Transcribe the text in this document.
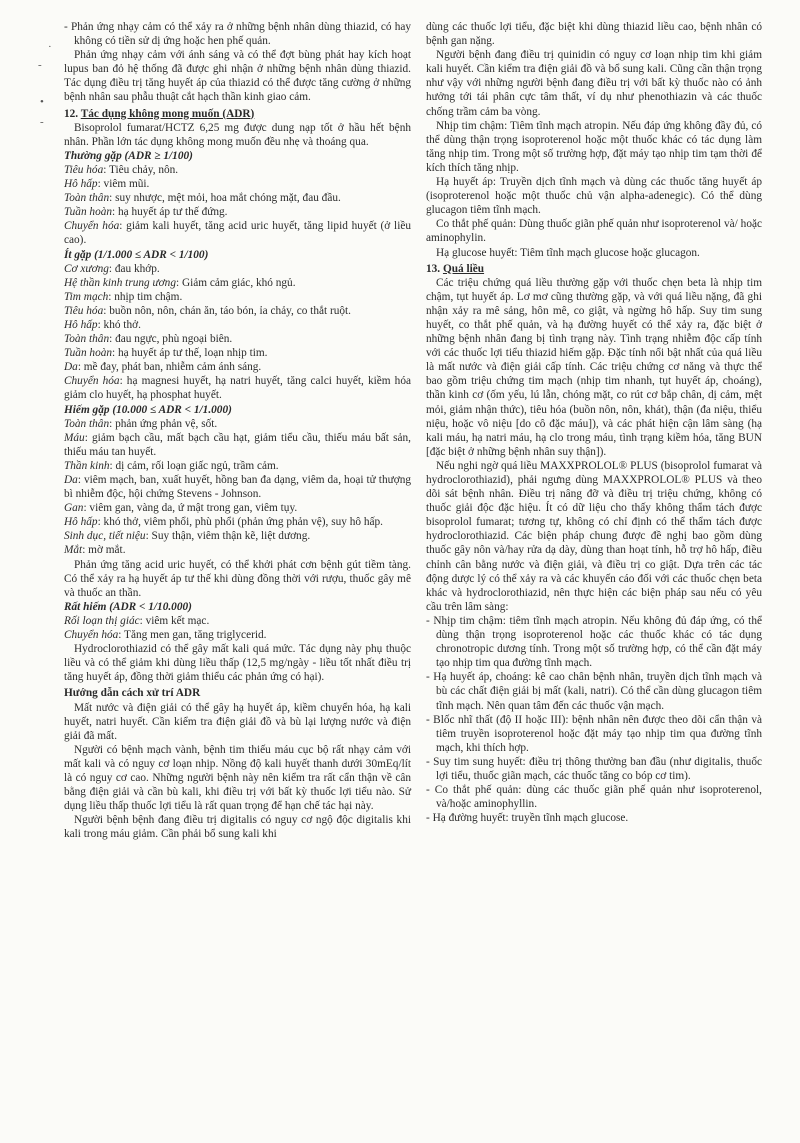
- Phản ứng nhạy cảm có thể xảy ra ở những bệnh nhân dùng thiazid, có hay không có tiền sử dị ứng hoặc hen phế quản.

Phản ứng nhạy cảm với ánh sáng và có thể đợt bùng phát hay kích hoạt lupus ban đỏ hệ thống đã được ghi nhận ở những bệnh nhân dùng thiazid. Tác dụng điều trị tăng huyết áp của thiazid có thể được tăng cường ở những bệnh nhân sau phẫu thuật cắt hạch thần kinh giao cảm.

12. Tác dụng không mong muốn (ADR)

Bisoprolol fumarat/HCTZ 6,25 mg được dung nạp tốt ở hầu hết bệnh nhân. Phần lớn tác dụng không mong muốn đều nhẹ và thoáng qua.

Thường gặp (ADR ≥ 1/100)

Tiêu hóa: Tiêu chảy, nôn.

Hô hấp: viêm mũi.

Toàn thân: suy nhược, mệt mỏi, hoa mắt chóng mặt, đau đầu.

Tuần hoàn: hạ huyết áp tư thế đứng.

Chuyển hóa: giảm kali huyết, tăng acid uric huyết, tăng lipid huyết (ở liều cao).

Ít gặp (1/1.000 ≤ ADR < 1/100)

Cơ xương: đau khớp.

Hệ thần kinh trung ương: Giảm cảm giác, khó ngủ.

Tim mạch: nhịp tim chậm.

Tiêu hóa: buồn nôn, nôn, chán ăn, táo bón, ỉa chảy, co thắt ruột.

Hô hấp: khó thở.

Toàn thân: đau ngực, phù ngoại biên.

Tuần hoàn: hạ huyết áp tư thế, loạn nhịp tim.

Da: mề đay, phát ban, nhiễm cảm ánh sáng.

Chuyển hóa: hạ magnesi huyết, hạ natri huyết, tăng calci huyết, kiềm hóa giảm clo huyết, hạ phosphat huyết.

Hiếm gặp (10.000 ≤ ADR < 1/1.000)

Toàn thân: phản ứng phản vệ, sốt.

Máu: giảm bạch cầu, mất bạch cầu hạt, giảm tiểu cầu, thiếu máu bất sản, thiếu máu tan huyết.

Thần kinh: dị cảm, rối loạn giấc ngủ, trầm cảm.

Da: viêm mạch, ban, xuất huyết, hồng ban đa dạng, viêm da, hoại tử thượng bì nhiễm độc, hội chứng Stevens - Johnson.

Gan: viêm gan, vàng da, ứ mật trong gan, viêm tụy.

Hô hấp: khó thở, viêm phổi, phù phổi (phản ứng phản vệ), suy hô hấp.

Sinh dục, tiết niệu: Suy thận, viêm thận kẽ, liệt dương.

Mắt: mờ mắt.

Phản ứng tăng acid uric huyết, có thể khởi phát cơn bệnh gút tiềm tàng. Có thể xảy ra hạ huyết áp tư thế khi dùng đồng thời với rượu, thuốc gây mê và thuốc an thần.

Rất hiếm (ADR < 1/10.000)

Rối loạn thị giác: viêm kết mạc.

Chuyển hóa: Tăng men gan, tăng triglycerid.

Hydroclorothiazid có thể gây mất kali quá mức. Tác dụng này phụ thuộc liều và có thể giảm khi dùng liều thấp (12,5 mg/ngày - liều tốt nhất điều trị tăng huyết áp, đồng thời giảm thiểu các phản ứng có hại).

Hướng dẫn cách xử trí ADR

Mất nước và điện giải có thể gây hạ huyết áp, kiềm chuyển hóa, hạ kali huyết, natri huyết. Cần kiểm tra điện giải đồ và bù lại lượng nước và điện giải đã mất.

Người có bệnh mạch vành, bệnh tim thiếu máu cục bộ rất nhạy cảm với mất kali và có nguy cơ loạn nhịp. Nồng độ kali huyết thanh dưới 30mEq/lít là có nguy cơ cao. Những người bệnh này nên kiểm tra rất cẩn thận về cân bằng điện giải và cần bù kali, khi điều trị với bất kỳ thuốc lợi tiểu nào. Sử dụng liều thấp thuốc lợi tiểu là rất quan trọng để hạn chế tác hại này.

Người bệnh bệnh đang điều trị digitalis có nguy cơ ngộ độc digitalis khi kali trong máu giảm. Cần phải bổ sung kali khi

dùng các thuốc lợi tiểu, đặc biệt khi dùng thiazid liều cao, bệnh nhân có bệnh gan nặng.

Người bệnh đang điều trị quinidin có nguy cơ loạn nhịp tim khi giảm kali huyết. Cần kiểm tra điện giải đồ và bổ sung kali. Cũng cần thận trọng như vậy với những người bệnh đang điều trị với bất kỳ thuốc nào có ảnh hưởng tới tái phân cực tâm thất, ví dụ như phenothiazin và các thuốc chống trầm cảm ba vòng.

Nhịp tim chậm: Tiêm tĩnh mạch atropin. Nếu đáp ứng không đầy đủ, có thể dùng thận trọng isoproterenol hoặc một thuốc khác có tác dụng làm tăng nhịp tim. Trong một số trường hợp, đặt máy tạo nhịp tim tạm thời để kích thích tăng nhịp.

Hạ huyết áp: Truyền dịch tĩnh mạch và dùng các thuốc tăng huyết áp (isoproterenol hoặc một thuốc chủ vận alpha-adenegic). Có thể dùng glucagon tiêm tĩnh mạch.

Co thắt phế quản: Dùng thuốc giãn phế quản như isoproterenol và/ hoặc aminophylin.

Hạ glucose huyết: Tiêm tĩnh mạch glucose hoặc glucagon.

13. Quá liều

Các triệu chứng quá liều thường gặp với thuốc chẹn beta là nhịp tim chậm, tụt huyết áp. Lơ mơ cũng thường gặp, và với quá liều nặng, đã ghi nhận xảy ra mê sảng, hôn mê, co giật, và ngừng hô hấp. Suy tim sung huyết, co thắt phế quản, và hạ đường huyết có thể xảy ra, đặc biệt ở những bệnh nhân đang bị tình trạng này. Tình trạng nhiễm độc cấp tính với các thuốc lợi tiểu thiazid hiếm gặp. Đặc tính nổi bật nhất của quá liều là mất nước và điện giải cấp tính. Các triệu chứng cơ năng và thực thể bao gồm triệu chứng tim mạch (nhịp tim nhanh, tụt huyết áp, choáng), thần kinh cơ (ốm yếu, lú lẫn, chóng mặt, co rút cơ bắp chân, dị cảm, mệt mỏi, giảm nhận thức), tiêu hóa (buồn nôn, nôn, khát), thận (đa niệu, thiểu niệu, hoặc vô niệu [do cô đặc máu]), và các phát hiện cận lâm sàng (hạ kali máu, hạ natri máu, hạ clo trong máu, tình trạng kiềm hóa, tăng BUN [đặc biệt ở những bệnh nhân suy thận]).

Nếu nghi ngờ quá liều MAXXPROLOL® PLUS (bisoprolol fumarat và hydroclorothiazid), phải ngưng dùng MAXXPROLOL® PLUS và theo dõi sát bệnh nhân. Điều trị nâng đỡ và điều trị triệu chứng, không có thuốc giải độc đặc hiệu. Ít có dữ liệu cho thấy không thẩm tách được bisoprolol fumarat; tương tự, không có chỉ định có thể thẩm tách được hydroclorothiazid. Các biện pháp chung được đề nghị bao gồm dùng thuốc gây nôn và/hay rửa dạ dày, dùng than hoạt tính, hỗ trợ hô hấp, điều chỉnh cân bằng nước và điện giải, và điều trị co giật. Dựa trên các tác động dược lý có thể xảy ra và các khuyến cáo đối với các thuốc chẹn beta khác và hydroclorothiazid, nên thực hiện các biện pháp sau nếu có yêu cầu trên lâm sàng:

- Nhịp tim chậm: tiêm tĩnh mạch atropin. Nếu không đủ đáp ứng, có thể dùng thận trọng isoproterenol hoặc các thuốc khác có tác dụng chronotropic dương tính. Trong một số trường hợp, có thể cần đặt máy tạo nhịp tim qua đường tĩnh mạch.

- Hạ huyết áp, choáng: kê cao chân bệnh nhân, truyền dịch tĩnh mạch và bù các chất điện giải bị mất (kali, natri). Có thể cần dùng glucagon tiêm tĩnh mạch. Nên quan tâm đến các thuốc vận mạch.

- Blốc nhĩ thất (độ II hoặc III): bệnh nhân nên được theo dõi cẩn thận và tiêm truyền isoproterenol hoặc đặt máy tạo nhịp tim qua đường tĩnh mạch, khi thích hợp.

- Suy tim sung huyết: điều trị thông thường ban đầu (như digitalis, thuốc lợi tiểu, thuốc giãn mạch, các thuốc tăng co bóp cơ tim).

- Co thắt phế quản: dùng các thuốc giãn phế quản như isoproterenol, và/hoặc aminophyllin.

- Hạ đường huyết: truyền tĩnh mạch glucose.

·
-
•
-
